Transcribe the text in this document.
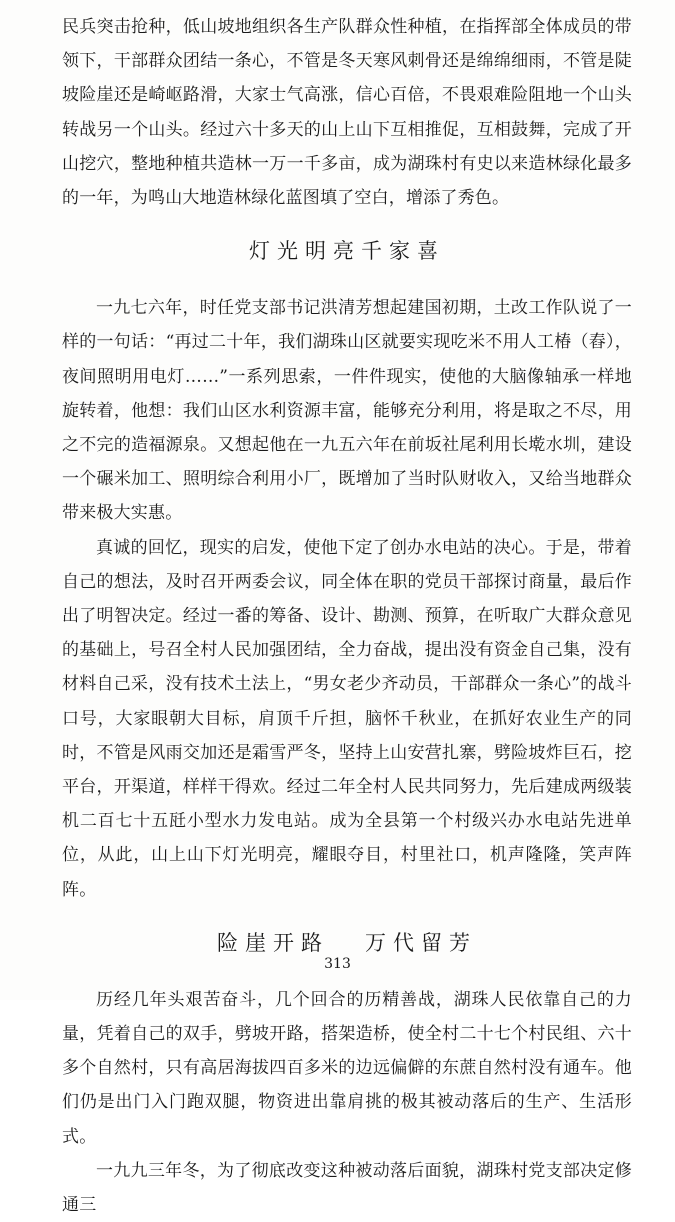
民兵突击抢种，低山坡地组织各生产队群众性种植，在指挥部全体成员的带领下，干部群众团结一条心，不管是冬天寒风刺骨还是绵绵细雨，不管是陡坡险崖还是崎岖路滑，大家士气高涨，信心百倍，不畏艰难险阻地一个山头转战另一个山头。经过六十多天的山上山下互相推促，互相鼓舞，完成了开山挖穴，整地种植共造林一万一千多亩，成为湖珠村有史以来造林绿化最多的一年，为鸣山大地造林绿化蓝图填了空白，增添了秀色。

灯光明亮千家喜

一九七六年，时任党支部书记洪清芳想起建国初期，土改工作队说了一样的一句话：“再过二十年，我们湖珠山区就要实现吃米不用人工椿（舂），夜间照明用电灯……”一系列思索，一件件现实，使他的大脑像轴承一样地旋转着，他想：我们山区水利资源丰富，能够充分利用，将是取之不尽，用之不完的造福源泉。又想起他在一九五六年在前坂社尾利用长墘水圳，建设一个碾米加工、照明综合利用小厂，既增加了当时队财收入，又给当地群众带来极大实惠。

真诚的回忆，现实的启发，使他下定了创办水电站的决心。于是，带着自己的想法，及时召开两委会议，同全体在职的党员干部探讨商量，最后作出了明智决定。经过一番的筹备、设计、勘测、预算，在听取广大群众意见的基础上，号召全村人民加强团结，全力奋战，提出没有资金自己集，没有材料自己采，没有技术土法上，“男女老少齐动员，干部群众一条心”的战斗口号，大家眼朝大目标，肩顶千斤担，脑怀千秋业，在抓好农业生产的同时，不管是风雨交加还是霜雪严冬，坚持上山安营扎寨，劈险坡炸巨石，挖平台，开渠道，样样干得欢。经过二年全村人民共同努力，先后建成两级装机二百七十五瓩小型水力发电站。成为全县第一个村级兴办水电站先进单位，从此，山上山下灯光明亮，耀眼夺目，村里社口，机声隆隆，笑声阵阵。

险崖开路 万代留芳

历经几年头艰苦奋斗，几个回合的历精善战，湖珠人民依靠自己的力量，凭着自己的双手，劈坡开路，搭架造桥，使全村二十七个村民组、六十多个自然村，只有高居海拔四百多米的边远偏僻的东蔗自然村没有通车。他们仍是出门入门跑双腿，物资进出靠肩挑的极其被动落后的生产、生活形式。

一九九三年冬，为了彻底改变这种被动落后面貌，湖珠村党支部决定修通三

313
